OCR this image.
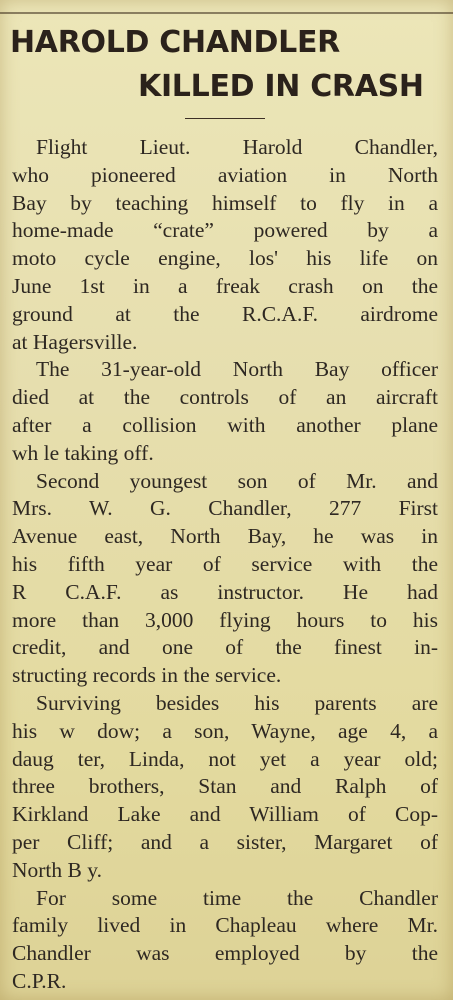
HAROLD CHANDLER
KILLED IN CRASH
Flight Lieut. Harold Chandler,
who pioneered aviation in North
Bay by teaching himself to fly in a
home-made “crate” powered by a
moto cycle engine, los' his life on
June 1st in a freak crash on the
ground at the R.C.A.F. airdrome
at Hagersville.
The 31-year-old North Bay officer
died at the controls of an aircraft
after a collision with another plane
wh le taking off.
Second youngest son of Mr. and
Mrs. W. G. Chandler, 277 First
Avenue east, North Bay, he was in
his fifth year of service with the
R C.A.F. as instructor. He had
more than 3,000 flying hours to his
credit, and one of the finest in-
structing records in the service.
Surviving besides his parents are
his w dow; a son, Wayne, age 4, a
daug ter, Linda, not yet a year old;
three brothers, Stan and Ralph of
Kirkland Lake and William of Cop-
per Cliff; and a sister, Margaret of
North B y.
For some time the Chandler
family lived in Chapleau where Mr.
Chandler was employed by the
C.P.R.
